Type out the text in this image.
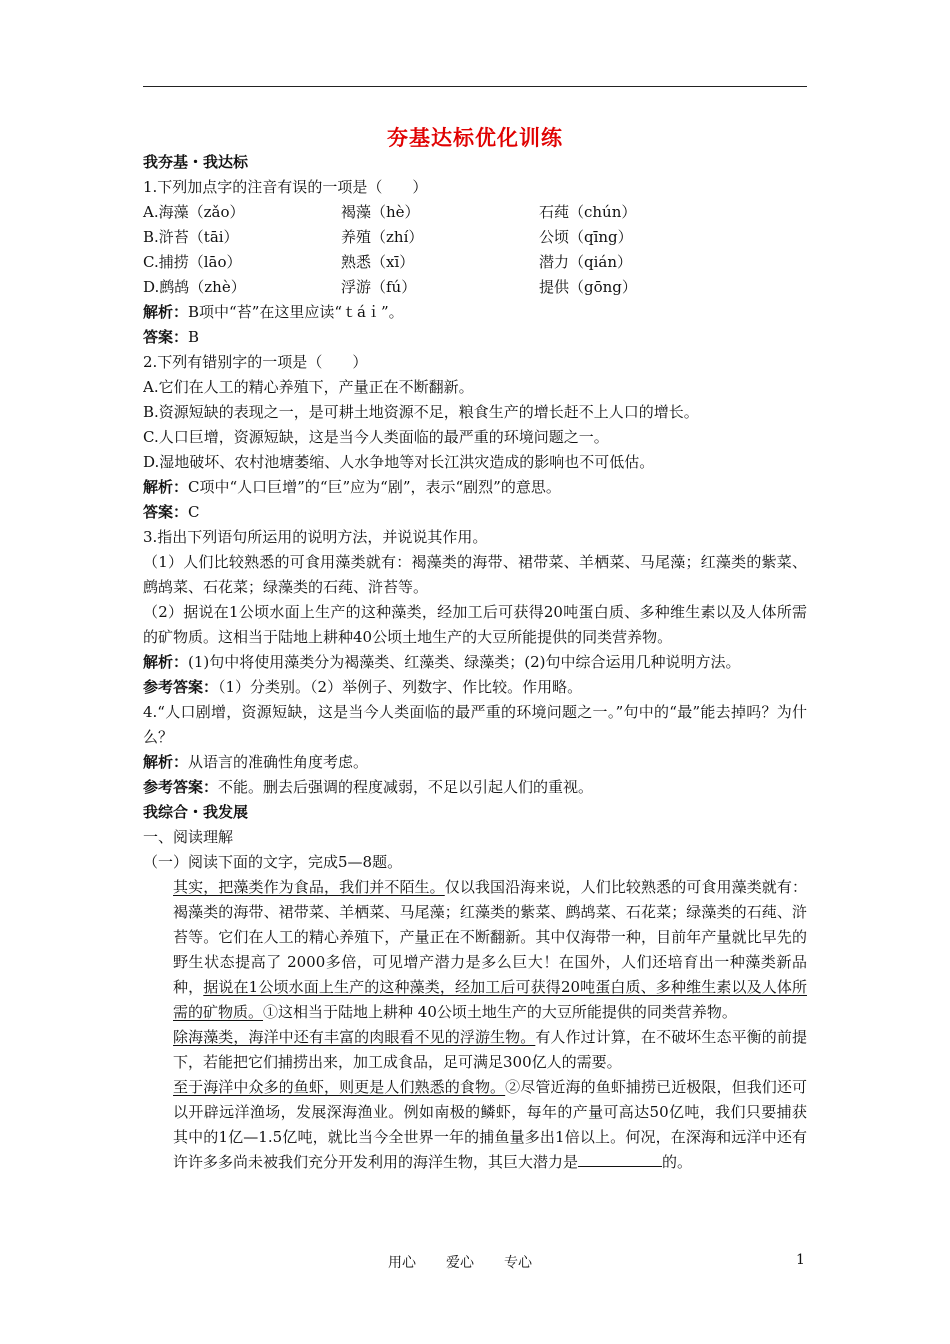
夯基达标优化训练
我夯基・我达标
1.下列加点字的注音有误的一项是（　　）
A.海藻（zǎo）	褐藻（hè）	石莼（chún）
B.浒苔（tāi）	养殖（zhí）	公顷（qīng）
C.捕捞（lāo）	熟悉（xī）	潜力（qián）
D.鹧鸪（zhè）	浮游（fú）	提供（gōng）
解析：B项中“苔”在这里应读“ｔáｉ”。
答案：B
2.下列有错别字的一项是（　　）
A.它们在人工的精心养殖下，产量正在不断翻新。
B.资源短缺的表现之一，是可耕土地资源不足，粮食生产的增长赶不上人口的增长。
C.人口巨增，资源短缺，这是当今人类面临的最严重的环境问题之一。
D.湿地破坏、农村池塘萎缩、人水争地等对长江洪灾造成的影响也不可低估。
解析：C项中“人口巨增”的“巨”应为“剧”，表示“剧烈”的意思。
答案：C
3.指出下列语句所运用的说明方法，并说说其作用。
（1）人们比较熟悉的可食用藻类就有：褐藻类的海带、裙带菜、羊栖菜、马尾藻；红藻类的紫菜、鹧鸪菜、石花菜；绿藻类的石莼、浒苔等。
（2）据说在1公顷水面上生产的这种藻类，经加工后可获得20吨蛋白质、多种维生素以及人体所需的矿物质。这相当于陆地上耕种40公顷土地生产的大豆所能提供的同类营养物。
解析：(1)句中将使用藻类分为褐藻类、红藻类、绿藻类；(2)句中综合运用几种说明方法。
参考答案：（1）分类别。（2）举例子、列数字、作比较。作用略。
4.“人口剧增，资源短缺，这是当今人类面临的最严重的环境问题之一。”句中的“最”能去掉吗？为什么？
解析：从语言的准确性角度考虑。
参考答案：不能。删去后强调的程度减弱，不足以引起人们的重视。
我综合・我发展
一、阅读理解
（一）阅读下面的文字，完成5—8题。
其实，把藻类作为食品，我们并不陌生。仅以我国沿海来说，人们比较熟悉的可食用藻类就有：褐藻类的海带、裙带菜、羊栖菜、马尾藻；红藻类的紫菜、鹧鸪菜、石花菜；绿藻类的石莼、浒苔等。它们在人工的精心养殖下，产量正在不断翻新。其中仅海带一种，目前年产量就比早先的野生状态提高了 2000多倍，可见增产潜力是多么巨大！在国外，人们还培育出一种藻类新品种，据说在1公顷水面上生产的这种藻类，经加工后可获得20吨蛋白质、多种维生素以及人体所需的矿物质。①这相当于陆地上耕种 40公顷土地生产的大豆所能提供的同类营养物。
除海藻类，海洋中还有丰富的肉眼看不见的浮游生物。有人作过计算，在不破坏生态平衡的前提下，若能把它们捕捞出来，加工成食品，足可满足300亿人的需要。
至于海洋中众多的鱼虾，则更是人们熟悉的食物。②尽管近海的鱼虾捕捞已近极限，但我们还可以开辟远洋渔场，发展深海渔业。例如南极的鳞虾，每年的产量可高达50亿吨，我们只要捕获其中的1亿—1.5亿吨，就比当今全世界一年的捕鱼量多出1倍以上。何况，在深海和远洋中还有许许多多尚未被我们充分开发利用的海洋生物，其巨大潜力是	的。
用心 爱心 专心	1
